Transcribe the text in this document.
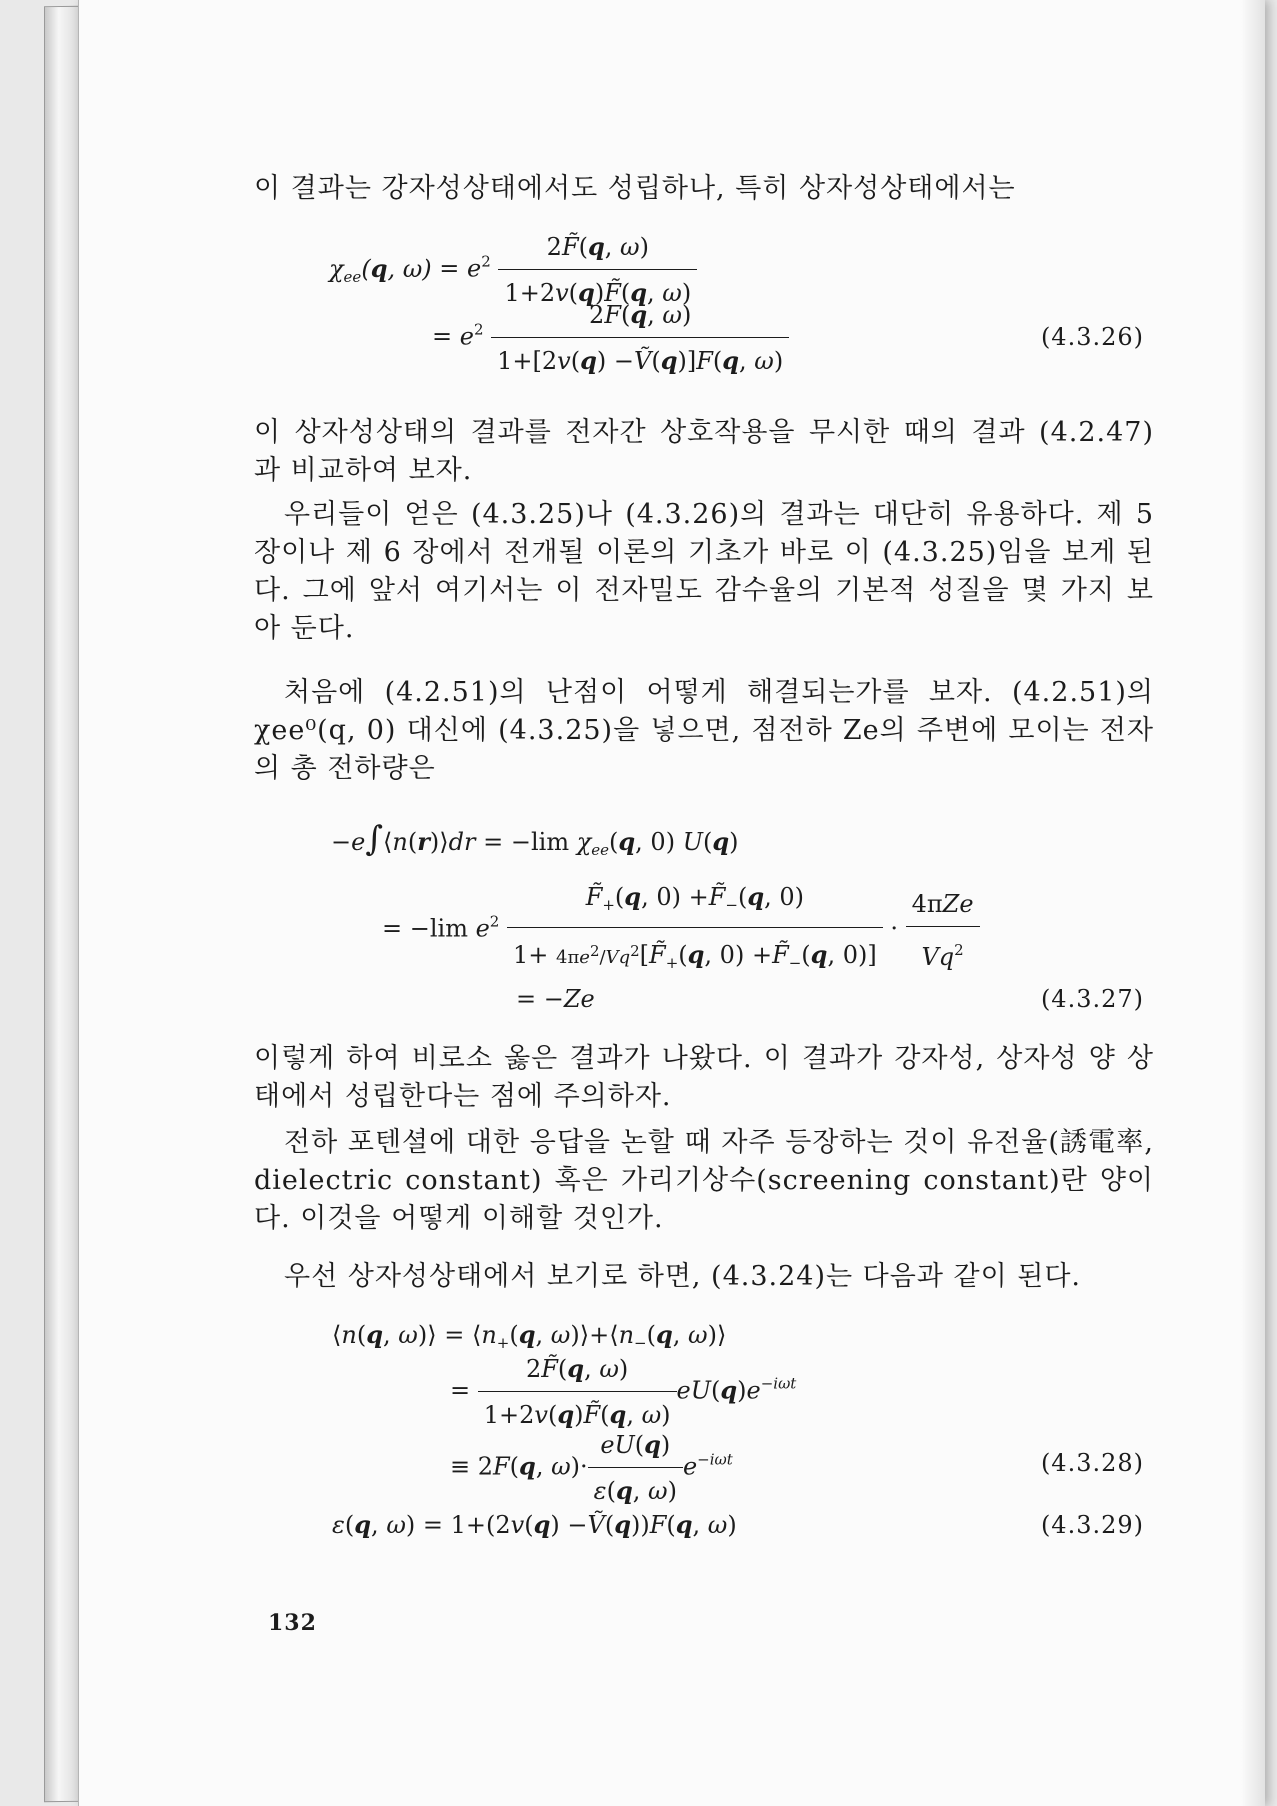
이 결과는 강자성상태에서도 성립하나, 특히 상자성상태에서는

$\chi_{ee}(q$, $\omega) = e^2 \frac{2F̃(q, \omega)}{1+2v(q)F̃(q, \omega)}$
= $e^2 \frac{2F(q, \omega)}{\text{1+[2v(q) −Ṽ(q)]F(q, ω)}}$	(4.3.26)

이 상자성상태의 결과를 전자간 상호작용을 무시한 때의 결과 (4.2.47) 과 비교하여 보자.

우리들이 얻은 (4.3.25)나 (4.3.26)의 결과는 대단히 유용하다. 제 5 장이나 제 6 장에서 전개될 이론의 기초가 바로 이 (4.3.25)임을 보게 된다. 그에 앞서 여기서는 이 전자밀도 감수율의 기본적 성질을 몇 가지 보아 둔다.

처음에 (4.2.51)의 난점이 어떻게 해결되는가를 보자. (4.2.51)의 χee⁰(q, 0) 대신에 (4.3.25)을 넣으면, 점전하 Ze의 주변에 모이는 전자의 총 전하량은

−e∫⟨n(r)⟩dr = −lim $\chi_{ee}(q$, 0) U(q)
= −lim $e^2 \frac{F̃_+(q, 0) +F̃_-(q, 0)}{1+ 4\pi e^2/Vq^2[F̃_+(q, 0) +F̃_-(q, 0)]} \cdot \frac{\text{4πZe}}{Vq^2}$
= −Ze	(4.3.27)

이렇게 하여 비로소 옳은 결과가 나왔다. 이 결과가 강자성, 상자성 양 상태에서 성립한다는 점에 주의하자.

전하 포텐셜에 대한 응답을 논할 때 자주 등장하는 것이 유전율(誘電率, dielectric constant) 혹은 가리기상수(screening constant)란 양이다. 이것을 어떻게 이해할 것인가.

우선 상자성상태에서 보기로 하면, (4.3.24)는 다음과 같이 된다.

⟨n(q, ω)⟩ = $⟨n_+(q$, $\omega)⟩+⟨n_-(q$, ω)⟩
= $\frac{2F̃(q, \omega)}{1+2v(q)F̃(q, \omega)} eU(q)e^{-i\omega t}$
≡ 2F(q, $\omega)\cdot \frac{eU(q)}{\varepsilon(q, \omega)} e^{-i\omega t}$	(4.3.28)
ε(q, ω) = 1+(2v(q) −Ṽ(q))F(q, ω)	(4.3.29)
132
